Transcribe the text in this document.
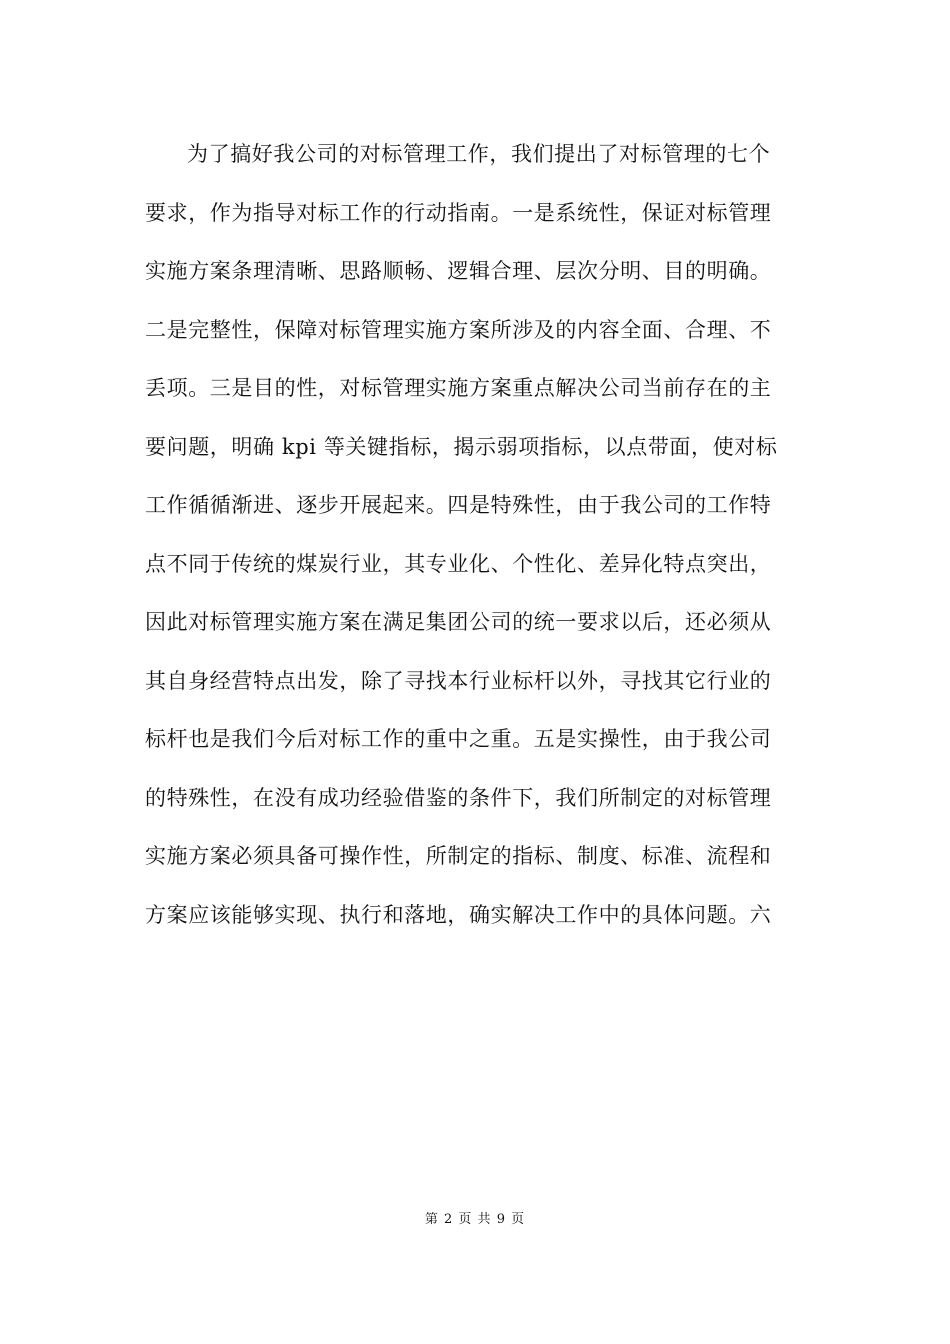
为了搞好我公司的对标管理工作，我们提出了对标管理的七个
要求，作为指导对标工作的行动指南。一是系统性，保证对标管理
实施方案条理清晰、思路顺畅、逻辑合理、层次分明、目的明确。
二是完整性，保障对标管理实施方案所涉及的内容全面、合理、不
丢项。三是目的性，对标管理实施方案重点解决公司当前存在的主
要问题，明确 kpi 等关键指标，揭示弱项指标，以点带面，使对标
工作循循渐进、逐步开展起来。四是特殊性，由于我公司的工作特
点不同于传统的煤炭行业，其专业化、个性化、差异化特点突出，
因此对标管理实施方案在满足集团公司的统一要求以后，还必须从
其自身经营特点出发，除了寻找本行业标杆以外，寻找其它行业的
标杆也是我们今后对标工作的重中之重。五是实操性，由于我公司
的特殊性，在没有成功经验借鉴的条件下，我们所制定的对标管理
实施方案必须具备可操作性，所制定的指标、制度、标准、流程和
方案应该能够实现、执行和落地，确实解决工作中的具体问题。六
第 2 页 共 9 页
